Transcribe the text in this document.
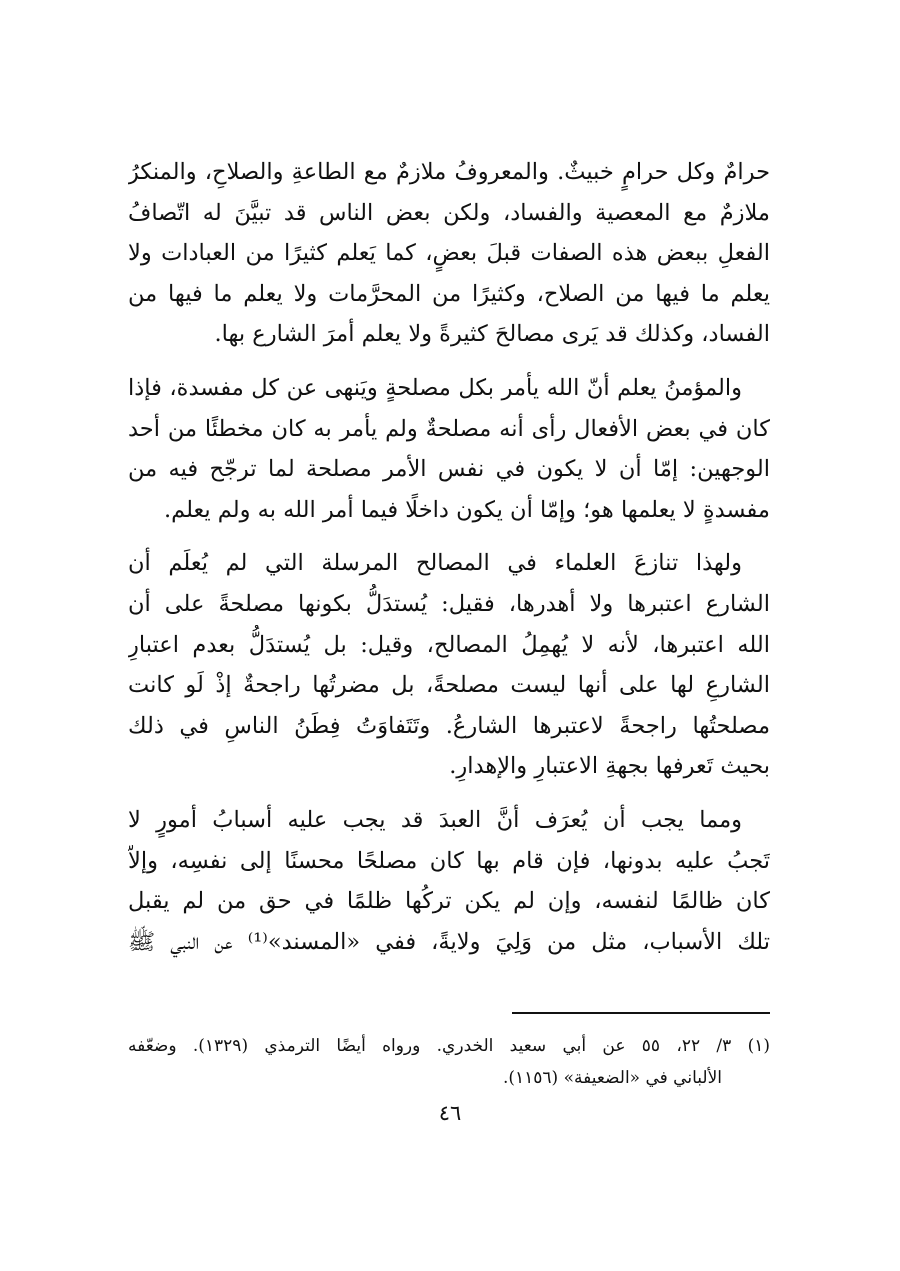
حرامٌ وكل حرامٍ خبيثٌ. والمعروفُ ملازمٌ مع الطاعةِ والصلاحِ، والمنكرُ
ملازمٌ مع المعصية والفساد، ولكن بعض الناس قد تبيَّنَ له اتّصافُ
الفعلِ ببعض هذه الصفات قبلَ بعضٍ، كما يَعلم كثيرًا من العبادات ولا
يعلم ما فيها من الصلاح، وكثيرًا من المحرَّمات ولا يعلم ما فيها من
الفساد، وكذلك قد يَرى مصالحَ كثيرةً ولا يعلم أمرَ الشارع بها.

والمؤمنُ يعلم أنّ الله يأمر بكل مصلحةٍ ويَنهى عن كل مفسدة، فإذا
كان في بعض الأفعال رأى أنه مصلحةٌ ولم يأمر به كان مخطئًا من أحد
الوجهين: إمّا أن لا يكون في نفس الأمر مصلحة لما ترجّح فيه من
مفسدةٍ لا يعلمها هو؛ وإمّا أن يكون داخلًا فيما أمر الله به ولم يعلم.

ولهذا تنازعَ العلماء في المصالح المرسلة التي لم يُعلَم أن
الشارع اعتبرها ولا أهدرها، فقيل: يُستدَلُّ بكونها مصلحةً على أن
الله اعتبرها، لأنه لا يُهمِلُ المصالح، وقيل: بل يُستدَلُّ بعدم اعتبارِ
الشارعِ لها على أنها ليست مصلحةً، بل مضرتُها راجحةٌ إذْ لَو كانت
مصلحتُها راجحةً لاعتبرها الشارعُ. وتَتَفاوَتُ فِطَنُ الناسِ في ذلك
بحيث تَعرفها بجهةِ الاعتبارِ والإهدارِ.

ومما يجب أن يُعرَف أنَّ العبدَ قد يجب عليه أسبابُ أمورٍ لا
تَجبُ عليه بدونها، فإن قام بها كان مصلحًا محسنًا إلى نفسِه، وإلاّ
كان ظالمًا لنفسه، وإن لم يكن تركُها ظلمًا في حق من لم يقبل
تلك الأسباب، مثل من وَلِيَ ولايةً، ففي «المسند»⁽¹⁾ عن النبي ﷺ

(١) ٣/ ٢٢، ٥٥ عن أبي سعيد الخدري. ورواه أيضًا الترمذي (١٣٢٩). وضعّفه
الألباني في «الضعيفة» (١١٥٦).
٤٦
